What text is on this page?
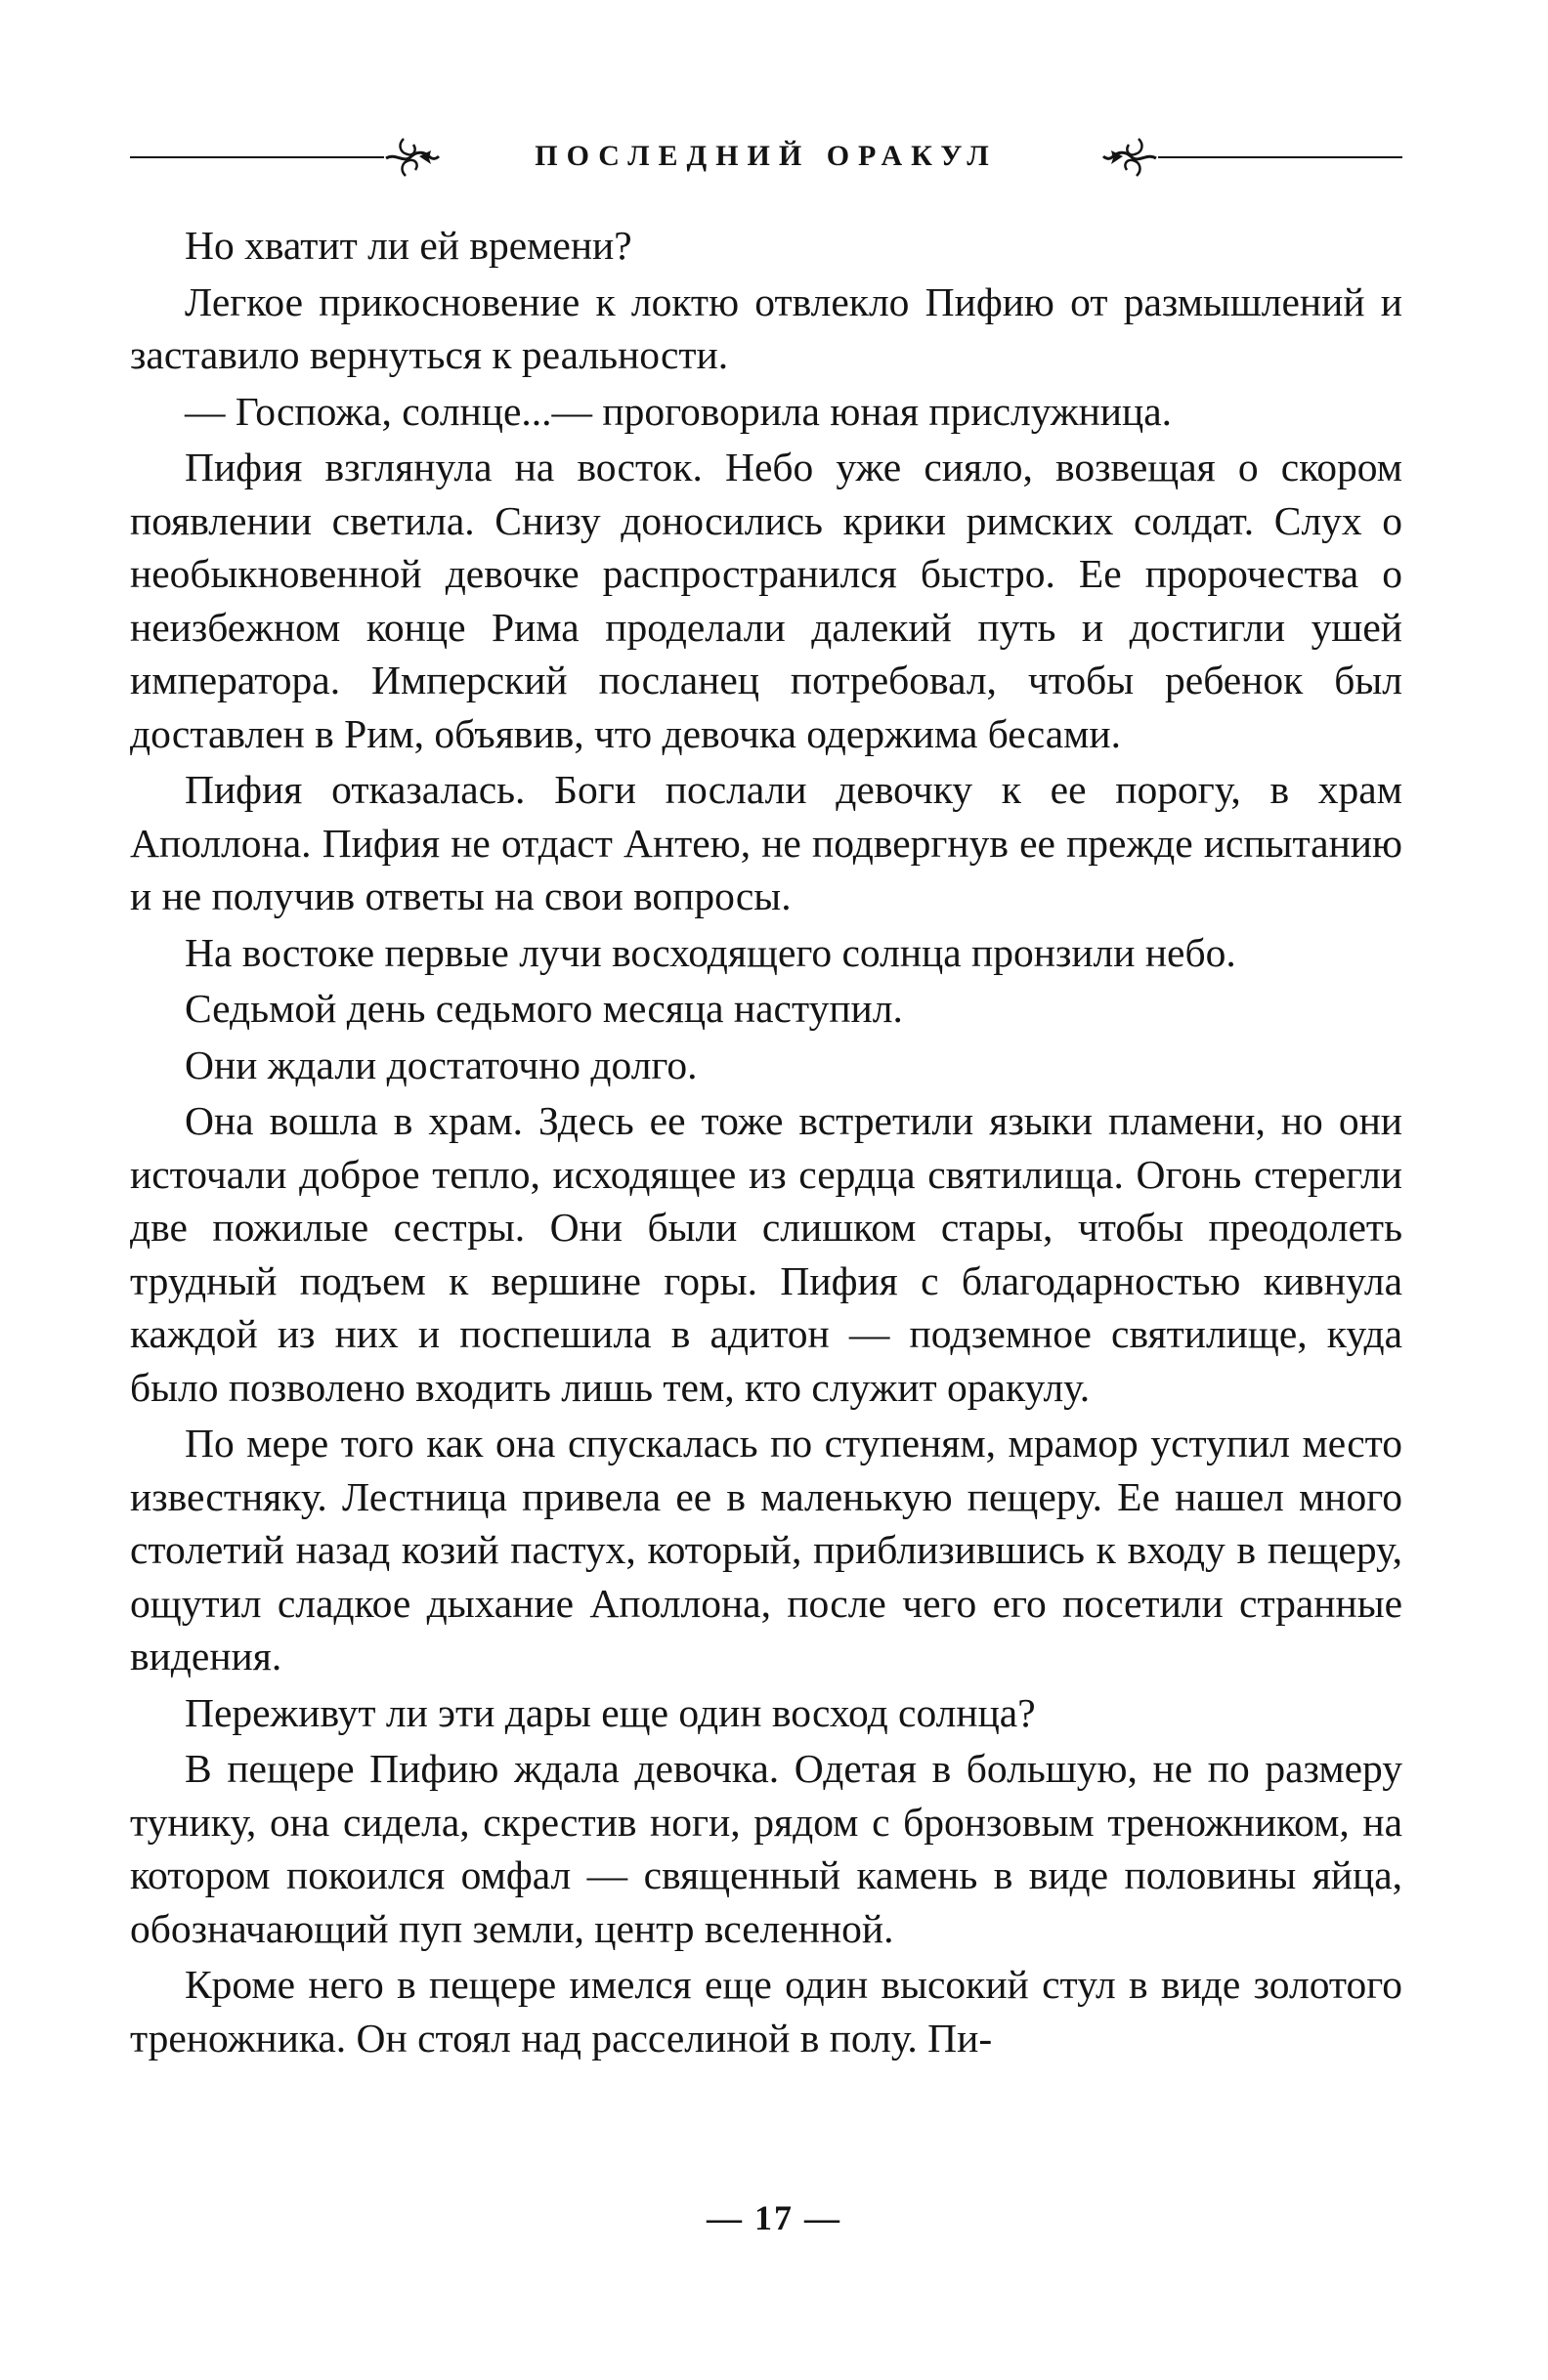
ПОСЛЕДНИЙ ОРАКУЛ

Но хватит ли ей времени?

Легкое прикосновение к локтю отвлекло Пифию от размышлений и заставило вернуться к реальности.

— Госпожа, солнце...— проговорила юная прислужница.

Пифия взглянула на восток. Небо уже сияло, возвещая о скором появлении светила. Снизу доносились крики римских солдат. Слух о необыкновенной девочке распространился быстро. Ее пророчества о неизбежном конце Рима проделали далекий путь и достигли ушей императора. Имперский посланец потребовал, чтобы ребенок был доставлен в Рим, объявив, что девочка одержима бесами.

Пифия отказалась. Боги послали девочку к ее порогу, в храм Аполлона. Пифия не отдаст Антею, не подвергнув ее прежде испытанию и не получив ответы на свои вопросы.

На востоке первые лучи восходящего солнца пронзили небо.

Седьмой день седьмого месяца наступил.

Они ждали достаточно долго.

Она вошла в храм. Здесь ее тоже встретили языки пламени, но они источали доброе тепло, исходящее из сердца святилища. Огонь стерегли две пожилые сестры. Они были слишком стары, чтобы преодолеть трудный подъем к вершине горы. Пифия с благодарностью кивнула каждой из них и поспешила в адитон — подземное святилище, куда было позволено входить лишь тем, кто служит оракулу.

По мере того как она спускалась по ступеням, мрамор уступил место известняку. Лестница привела ее в маленькую пещеру. Ее нашел много столетий назад козий пастух, который, приблизившись к входу в пещеру, ощутил сладкое дыхание Аполлона, после чего его посетили странные видения.

Переживут ли эти дары еще один восход солнца?

В пещере Пифию ждала девочка. Одетая в большую, не по размеру тунику, она сидела, скрестив ноги, рядом с бронзовым треножником, на котором покоился омфал — священный камень в виде половины яйца, обозначающий пуп земли, центр вселенной.

Кроме него в пещере имелся еще один высокий стул в виде золотого треножника. Он стоял над расселиной в полу. Пи-

— 17 —
